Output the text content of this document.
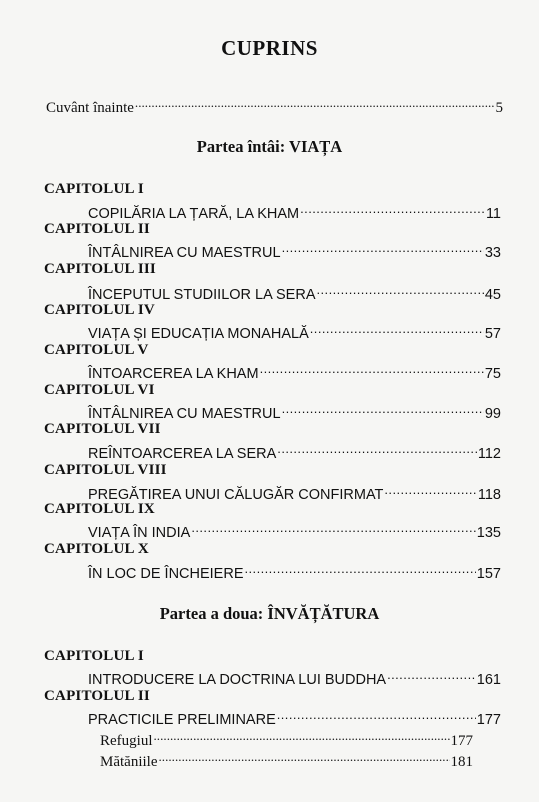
CUPRINS
Cuvânt înainte . . .	5
Partea întâi: VIAȚA
CAPITOLUL I
COPILĂRIA LA ȚARĂ, LA KHAM . . .	11
CAPITOLUL II
ÎNTÂLNIREA CU MAESTRUL . . .	33
CAPITOLUL III
ÎNCEPUTUL STUDIILOR LA SERA . . .	45
CAPITOLUL IV
VIAȚA ȘI EDUCAȚIA MONAHALĂ . . .	57
CAPITOLUL V
ÎNTOARCEREA LA KHAM . . .	75
CAPITOLUL VI
ÎNTÂLNIREA CU MAESTRUL . . .	99
CAPITOLUL VII
REÎNTOARCEREA LA SERA . . .	112
CAPITOLUL VIII
PREGĂTIREA UNUI CĂLUGĂR CONFIRMAT . . .	118
CAPITOLUL IX
VIAȚA ÎN INDIA . . .	135
CAPITOLUL X
ÎN LOC DE ÎNCHEIERE . . .	157
Partea a doua: ÎNVĂȚĂTURA
CAPITOLUL I
INTRODUCERE LA DOCTRINA LUI BUDDHA . . .	161
CAPITOLUL II
PRACTICILE PRELIMINARE . . .	177
Refugiul . . .	177
Mătăniile . . .	181
